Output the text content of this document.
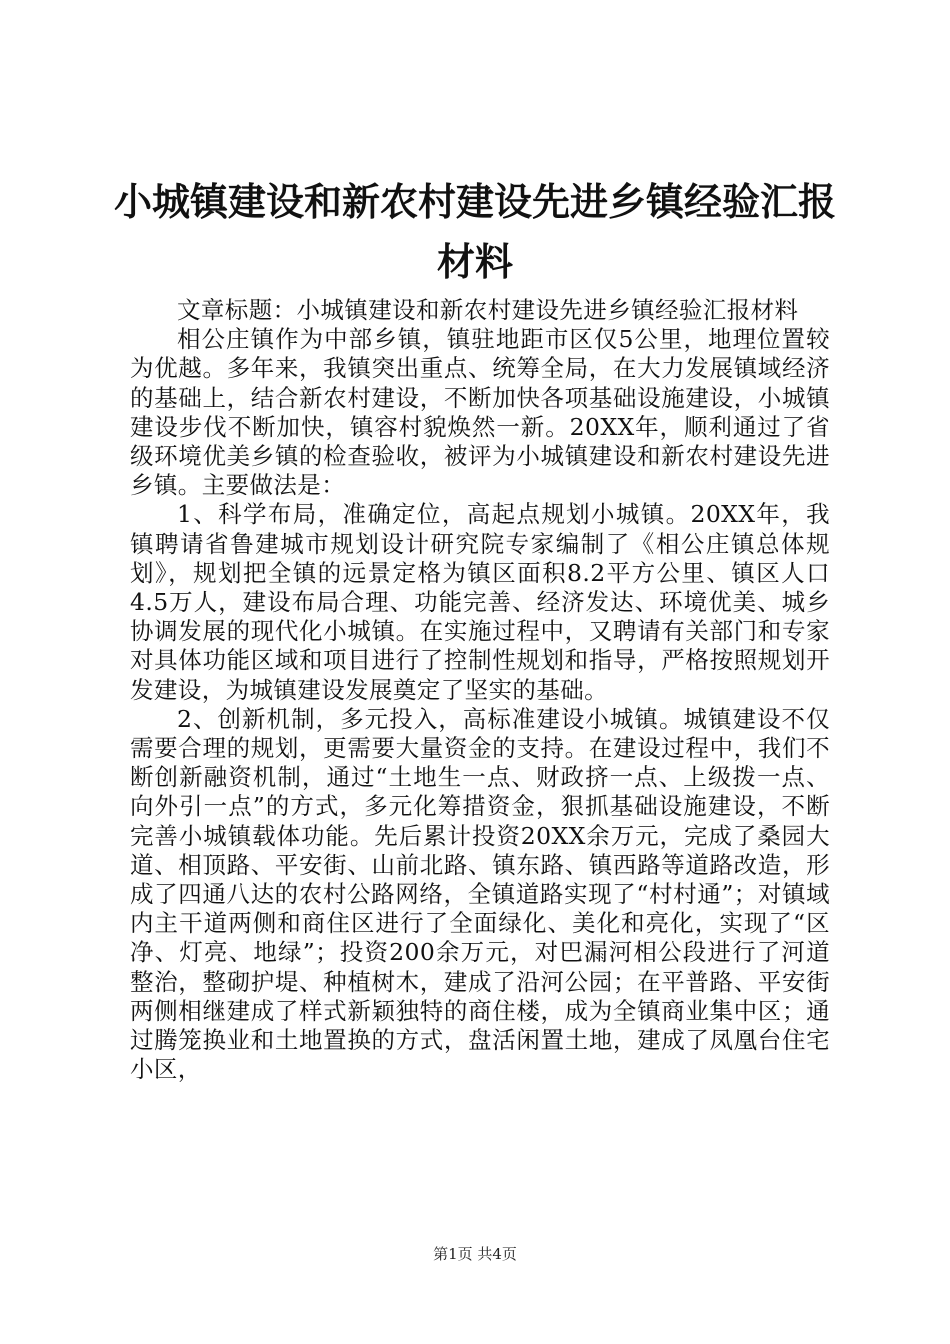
小城镇建设和新农村建设先进乡镇经验汇报材料

文章标题：小城镇建设和新农村建设先进乡镇经验汇报材料

相公庄镇作为中部乡镇，镇驻地距市区仅5公里，地理位置较为优越。多年来，我镇突出重点、统筹全局，在大力发展镇域经济的基础上，结合新农村建设，不断加快各项基础设施建设，小城镇建设步伐不断加快，镇容村貌焕然一新。20XX年，顺利通过了省级环境优美乡镇的检查验收，被评为小城镇建设和新农村建设先进乡镇。主要做法是：

1、科学布局，准确定位，高起点规划小城镇。20XX年，我镇聘请省鲁建城市规划设计研究院专家编制了《相公庄镇总体规划》，规划把全镇的远景定格为镇区面积8.2平方公里、镇区人口4.5万人，建设布局合理、功能完善、经济发达、环境优美、城乡协调发展的现代化小城镇。在实施过程中，又聘请有关部门和专家对具体功能区域和项目进行了控制性规划和指导，严格按照规划开发建设，为城镇建设发展奠定了坚实的基础。

2、创新机制，多元投入，高标准建设小城镇。城镇建设不仅需要合理的规划，更需要大量资金的支持。在建设过程中，我们不断创新融资机制，通过“土地生一点、财政挤一点、上级拨一点、向外引一点”的方式，多元化筹措资金，狠抓基础设施建设，不断完善小城镇载体功能。先后累计投资20XX余万元，完成了桑园大道、相顶路、平安街、山前北路、镇东路、镇西路等道路改造，形成了四通八达的农村公路网络，全镇道路实现了“村村通”；对镇域内主干道两侧和商住区进行了全面绿化、美化和亮化，实现了“区净、灯亮、地绿”；投资200余万元，对巴漏河相公段进行了河道整治，整砌护堤、种植树木，建成了沿河公园；在平普路、平安街两侧相继建成了样式新颖独特的商住楼，成为全镇商业集中区；通过腾笼换业和土地置换的方式，盘活闲置土地，建成了凤凰台住宅小区，

第1页 共4页
